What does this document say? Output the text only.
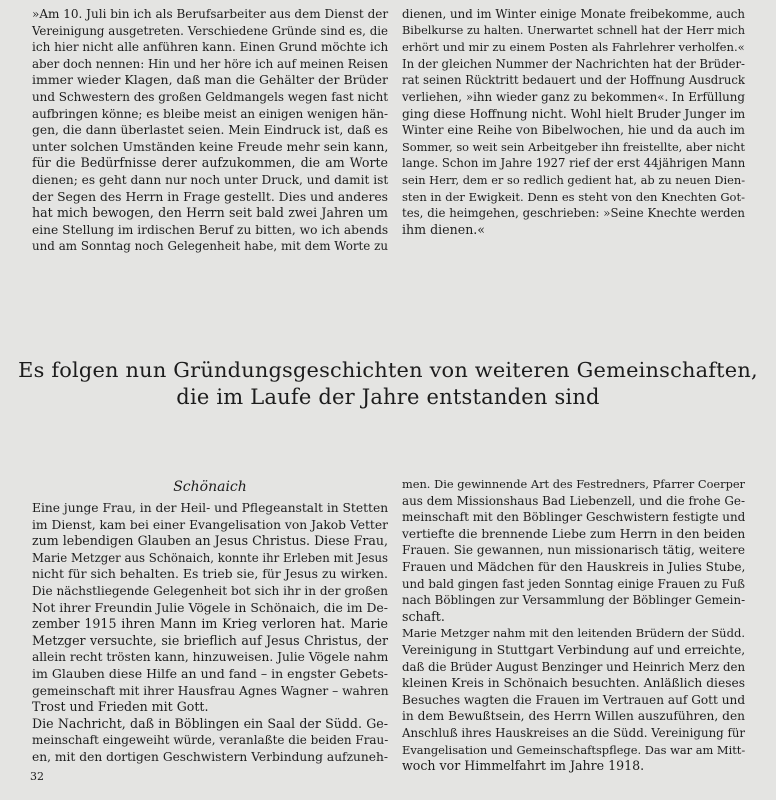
»Am 10. Juli bin ich als Berufsarbeiter aus dem Dienst der
Vereinigung ausgetreten. Verschiedene Gründe sind es, die
ich hier nicht alle anführen kann. Einen Grund möchte ich
aber doch nennen: Hin und her höre ich auf meinen Reisen
immer wieder Klagen, daß man die Gehälter der Brüder
und Schwestern des großen Geldmangels wegen fast nicht
aufbringen könne; es bleibe meist an einigen wenigen hän-
gen, die dann überlastet seien. Mein Eindruck ist, daß es
unter solchen Umständen keine Freude mehr sein kann,
für die Bedürfnisse derer aufzukommen, die am Worte
dienen; es geht dann nur noch unter Druck, und damit ist
der Segen des Herrn in Frage gestellt. Dies und anderes
hat mich bewogen, den Herrn seit bald zwei Jahren um
eine Stellung im irdischen Beruf zu bitten, wo ich abends
und am Sonntag noch Gelegenheit habe, mit dem Worte zu
dienen, und im Winter einige Monate freibekomme, auch
Bibelkurse zu halten. Unerwartet schnell hat der Herr mich
erhört und mir zu einem Posten als Fahrlehrer verholfen.«
In der gleichen Nummer der Nachrichten hat der Brüder-
rat seinen Rücktritt bedauert und der Hoffnung Ausdruck
verliehen, »ihn wieder ganz zu bekommen«. In Erfüllung
ging diese Hoffnung nicht. Wohl hielt Bruder Junger im
Winter eine Reihe von Bibelwochen, hie und da auch im
Sommer, so weit sein Arbeitgeber ihn freistellte, aber nicht
lange. Schon im Jahre 1927 rief der erst 44jährigen Mann
sein Herr, dem er so redlich gedient hat, ab zu neuen Dien-
sten in der Ewigkeit. Denn es steht von den Knechten Got-
tes, die heimgehen, geschrieben: »Seine Knechte werden
ihm dienen.«
Es folgen nun Gründungsgeschichten von weiteren Gemeinschaften,
die im Laufe der Jahre entstanden sind
Schönaich
Eine junge Frau, in der Heil- und Pflegeanstalt in Stetten
im Dienst, kam bei einer Evangelisation von Jakob Vetter
zum lebendigen Glauben an Jesus Christus. Diese Frau,
Marie Metzger aus Schönaich, konnte ihr Erleben mit Jesus
nicht für sich behalten. Es trieb sie, für Jesus zu wirken.
Die nächstliegende Gelegenheit bot sich ihr in der großen
Not ihrer Freundin Julie Vögele in Schönaich, die im De-
zember 1915 ihren Mann im Krieg verloren hat. Marie
Metzger versuchte, sie brieflich auf Jesus Christus, der
allein recht trösten kann, hinzuweisen. Julie Vögele nahm
im Glauben diese Hilfe an und fand – in engster Gebets-
gemeinschaft mit ihrer Hausfrau Agnes Wagner – wahren
Trost und Frieden mit Gott.
Die Nachricht, daß in Böblingen ein Saal der Südd. Ge-
meinschaft eingeweiht würde, veranlaßte die beiden Frau-
en, mit den dortigen Geschwistern Verbindung aufzuneh-
men. Die gewinnende Art des Festredners, Pfarrer Coerper
aus dem Missionshaus Bad Liebenzell, und die frohe Ge-
meinschaft mit den Böblinger Geschwistern festigte und
vertiefte die brennende Liebe zum Herrn in den beiden
Frauen. Sie gewannen, nun missionarisch tätig, weitere
Frauen und Mädchen für den Hauskreis in Julies Stube,
und bald gingen fast jeden Sonntag einige Frauen zu Fuß
nach Böblingen zur Versammlung der Böblinger Gemein-
schaft.
Marie Metzger nahm mit den leitenden Brüdern der Südd.
Vereinigung in Stuttgart Verbindung auf und erreichte,
daß die Brüder August Benzinger und Heinrich Merz den
kleinen Kreis in Schönaich besuchten. Anläßlich dieses
Besuches wagten die Frauen im Vertrauen auf Gott und
in dem Bewußtsein, des Herrn Willen auszuführen, den
Anschluß ihres Hauskreises an die Südd. Vereinigung für
Evangelisation und Gemeinschaftspflege. Das war am Mitt-
woch vor Himmelfahrt im Jahre 1918.
32
